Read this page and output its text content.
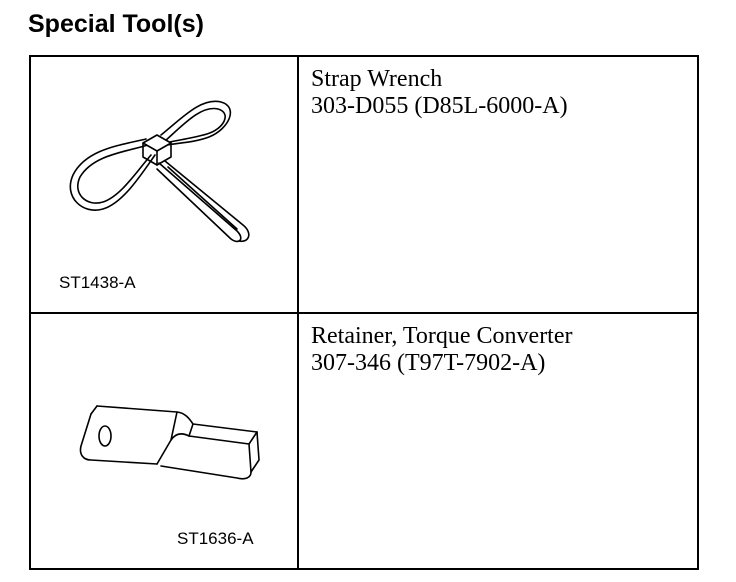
Special Tool(s)
ST1438-A	Strap Wrench
303-D055 (D85L-6000-A)

ST1636-A	Retainer, Torque Converter
307-346 (T97T-7902-A)
